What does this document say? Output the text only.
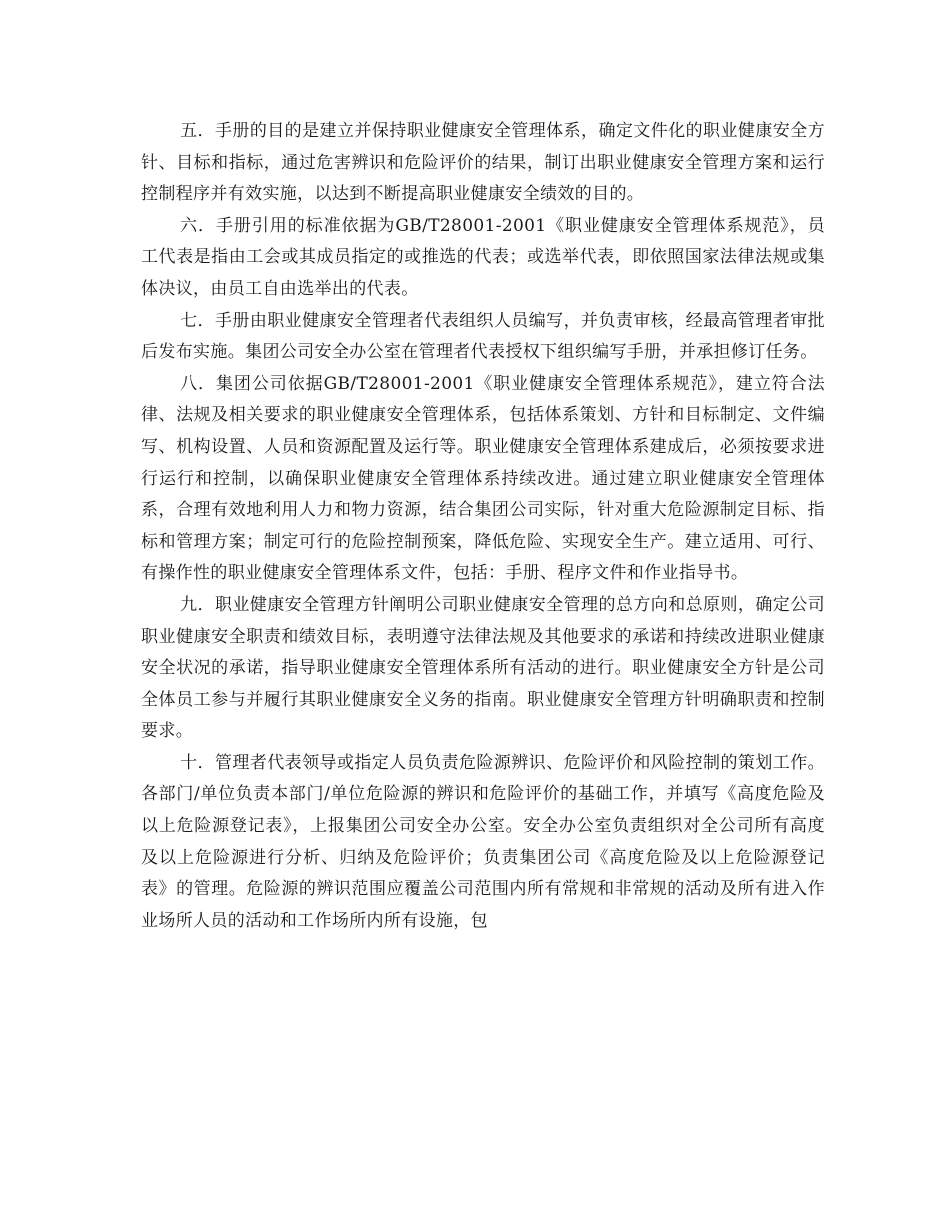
五．手册的目的是建立并保持职业健康安全管理体系，确定文件化的职业健康安全方针、目标和指标，通过危害辨识和危险评价的结果，制订出职业健康安全管理方案和运行控制程序并有效实施，以达到不断提高职业健康安全绩效的目的。

六．手册引用的标准依据为GB/T28001-2001《职业健康安全管理体系规范》，员工代表是指由工会或其成员指定的或推选的代表；或选举代表，即依照国家法律法规或集体决议，由员工自由选举出的代表。

七．手册由职业健康安全管理者代表组织人员编写，并负责审核，经最高管理者审批后发布实施。集团公司安全办公室在管理者代表授权下组织编写手册，并承担修订任务。

八．集团公司依据GB/T28001-2001《职业健康安全管理体系规范》，建立符合法律、法规及相关要求的职业健康安全管理体系，包括体系策划、方针和目标制定、文件编写、机构设置、人员和资源配置及运行等。职业健康安全管理体系建成后，必须按要求进行运行和控制，以确保职业健康安全管理体系持续改进。通过建立职业健康安全管理体系，合理有效地利用人力和物力资源，结合集团公司实际，针对重大危险源制定目标、指标和管理方案；制定可行的危险控制预案，降低危险、实现安全生产。建立适用、可行、有操作性的职业健康安全管理体系文件，包括：手册、程序文件和作业指导书。

九．职业健康安全管理方针阐明公司职业健康安全管理的总方向和总原则，确定公司职业健康安全职责和绩效目标，表明遵守法律法规及其他要求的承诺和持续改进职业健康安全状况的承诺，指导职业健康安全管理体系所有活动的进行。职业健康安全方针是公司全体员工参与并履行其职业健康安全义务的指南。职业健康安全管理方针明确职责和控制要求。

十．管理者代表领导或指定人员负责危险源辨识、危险评价和风险控制的策划工作。各部门/单位负责本部门/单位危险源的辨识和危险评价的基础工作，并填写《高度危险及以上危险源登记表》，上报集团公司安全办公室。安全办公室负责组织对全公司所有高度及以上危险源进行分析、归纳及危险评价；负责集团公司《高度危险及以上危险源登记表》的管理。危险源的辨识范围应覆盖公司范围内所有常规和非常规的活动及所有进入作业场所人员的活动和工作场所内所有设施，包
